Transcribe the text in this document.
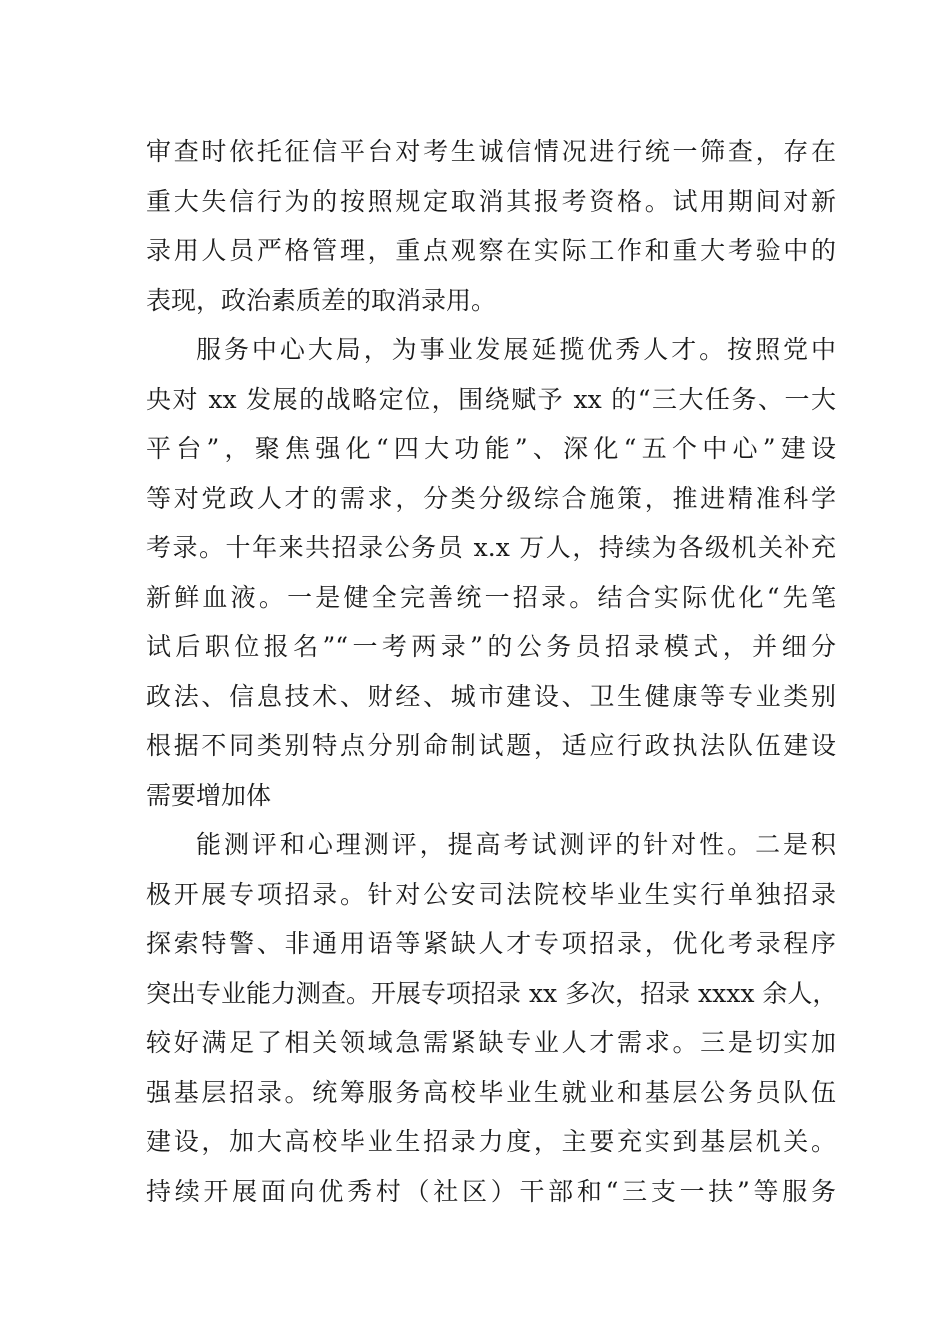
审查时依托征信平台对考生诚信情况进行统一筛查，存在
重大失信行为的按照规定取消其报考资格。试用期间对新
录用人员严格管理，重点观察在实际工作和重大考验中的
表现，政治素质差的取消录用。
服务中心大局，为事业发展延揽优秀人才。按照党中
央对 xx 发展的战略定位，围绕赋予 xx 的“三大任务、一大
平台”，聚焦强化“四大功能”、深化“五个中心”建设
等对党政人才的需求，分类分级综合施策，推进精准科学
考录。十年来共招录公务员 x.x 万人，持续为各级机关补充
新鲜血液。一是健全完善统一招录。结合实际优化“先笔
试后职位报名”“一考两录”的公务员招录模式，并细分
政法、信息技术、财经、城市建设、卫生健康等专业类别
根据不同类别特点分别命制试题，适应行政执法队伍建设
需要增加体
能测评和心理测评，提高考试测评的针对性。二是积
极开展专项招录。针对公安司法院校毕业生实行单独招录
探索特警、非通用语等紧缺人才专项招录，优化考录程序
突出专业能力测查。开展专项招录 xx 多次，招录 xxxx 余人，
较好满足了相关领域急需紧缺专业人才需求。三是切实加
强基层招录。统筹服务高校毕业生就业和基层公务员队伍
建设，加大高校毕业生招录力度，主要充实到基层机关。
持续开展面向优秀村（社区）干部和“三支一扶”等服务
